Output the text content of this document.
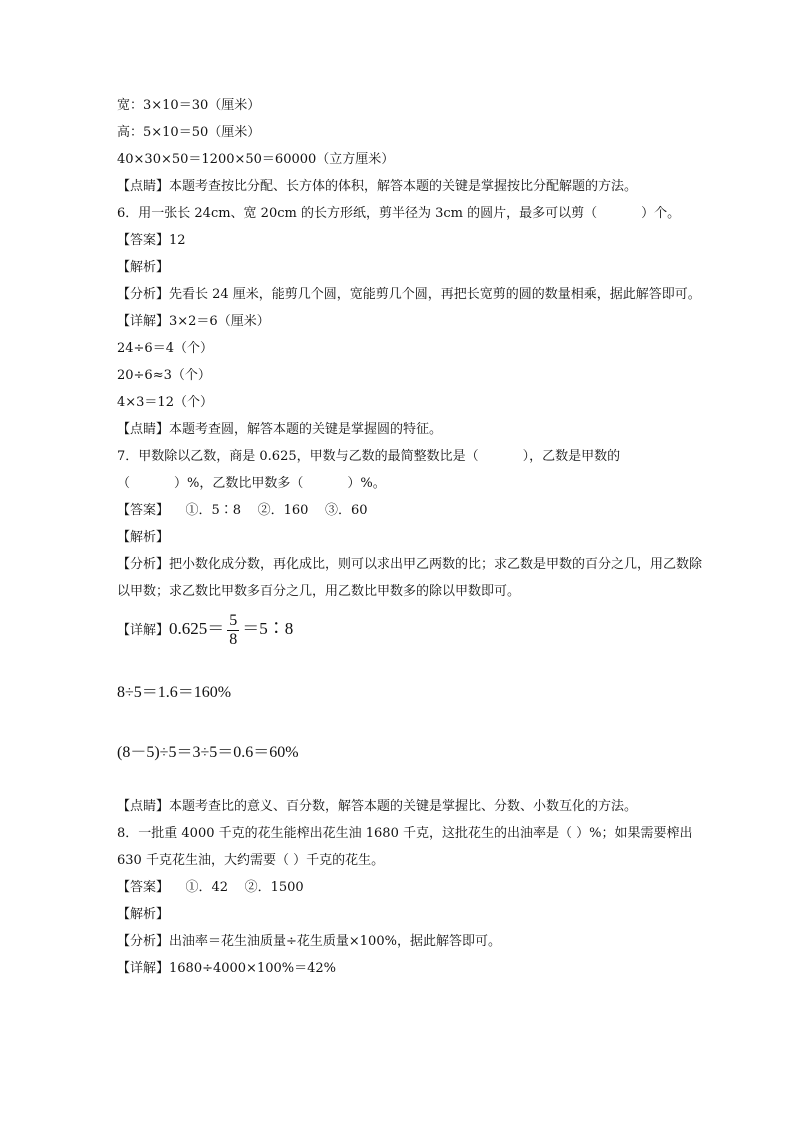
宽：3×10＝30（厘米）
高：5×10＝50（厘米）
40×30×50＝1200×50＝60000（立方厘米）
【点睛】本题考查按比分配、长方体的体积，解答本题的关键是掌握按比分配解题的方法。
6．用一张长 24cm、宽 20cm 的长方形纸，剪半径为 3cm 的圆片，最多可以剪（	）个。
【答案】12
【解析】
【分析】先看长 24 厘米，能剪几个圆，宽能剪几个圆，再把长宽剪的圆的数量相乘，据此解答即可。
【详解】3×2＝6（厘米）
24÷6＝4（个）
20÷6≈3（个）
4×3＝12（个）
【点睛】本题考查圆，解答本题的关键是掌握圆的特征。
7．甲数除以乙数，商是 0.625，甲数与乙数的最简整数比是（	），乙数是甲数的
（	）%，乙数比甲数多（	）%。
【答案】    ①．5∶8    ②．160    ③．60
【解析】
【分析】把小数化成分数，再化成比，则可以求出甲乙两数的比；求乙数是甲数的百分之几，用乙数除以甲数；求乙数比甲数多百分之几，用乙数比甲数多的除以甲数即可。
【详解】$0.625= \frac{5}{8}$ ＝5∶8
8÷5＝1.6＝160%
(8－5)÷5＝3÷5＝0.6＝60%
【点睛】本题考查比的意义、百分数，解答本题的关键是掌握比、分数、小数互化的方法。
8．一批重 4000 千克的花生能榨出花生油 1680 千克，这批花生的出油率是（ ）%；如果需要榨出 630 千克花生油，大约需要（ ）千克的花生。
【答案】    ①．42    ②．1500
【解析】
【分析】出油率＝花生油质量÷花生质量×100%，据此解答即可。
【详解】1680÷4000×100%＝42%
